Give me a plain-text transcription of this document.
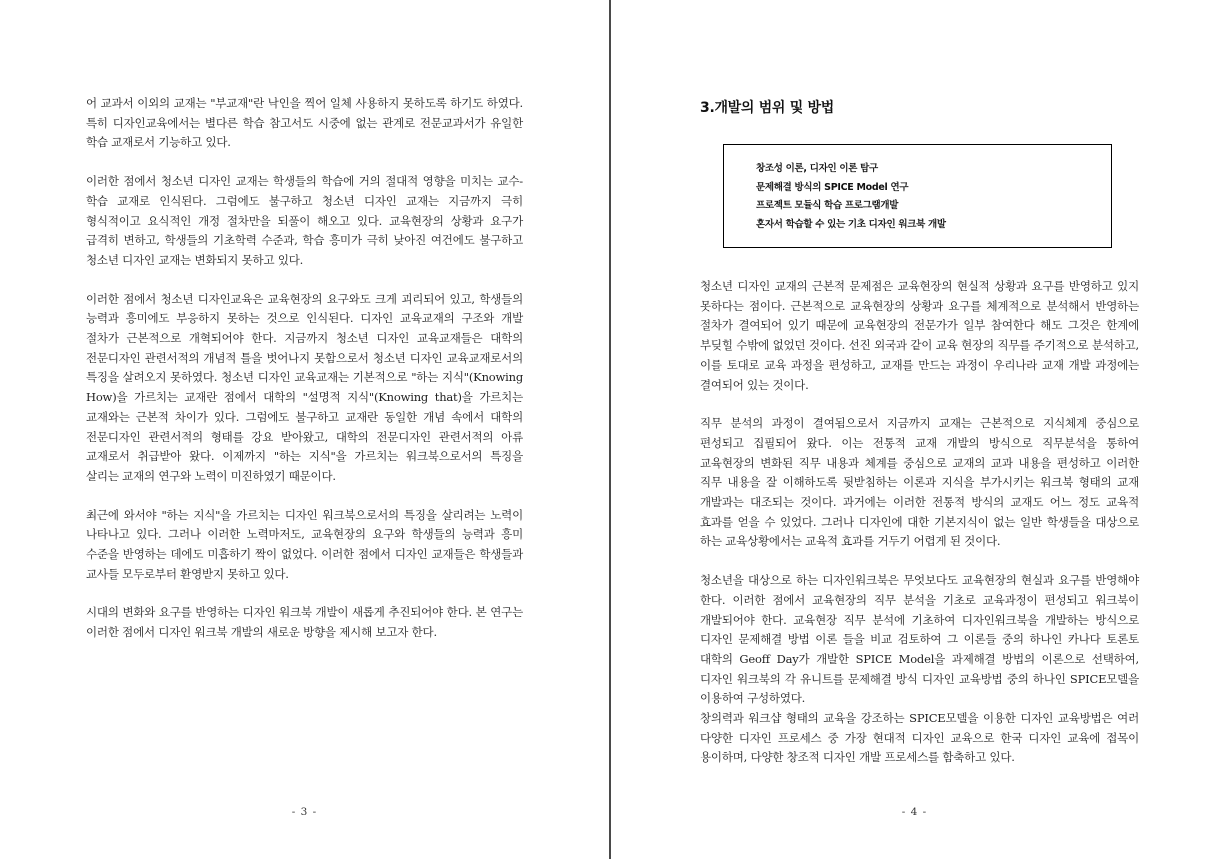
어 교과서 이외의 교재는 "부교재"란 낙인을 찍어 일체 사용하지 못하도록 하기도 하였다. 특히 디자인교육에서는 별다른 학습 참고서도 시중에 없는 관계로 전문교과서가 유일한 학습 교재로서 기능하고 있다.

이러한 점에서 청소년 디자인 교재는 학생들의 학습에 거의 절대적 영향을 미치는 교수-학습 교재로 인식된다. 그럼에도 불구하고 청소년 디자인 교재는 지금까지 극히 형식적이고 요식적인 개정 절차만을 되풀이 해오고 있다. 교육현장의 상황과 요구가 급격히 변하고, 학생들의 기초학력 수준과, 학습 흥미가 극히 낮아진 여건에도 불구하고 청소년 디자인 교재는 변화되지 못하고 있다.

이러한 점에서 청소년 디자인교육은 교육현장의 요구와도 크게 괴리되어 있고, 학생들의 능력과 흥미에도 부응하지 못하는 것으로 인식된다. 디자인 교육교재의 구조와 개발 절차가 근본적으로 개혁되어야 한다. 지금까지 청소년 디자인 교육교재들은 대학의 전문디자인 관련서적의 개념적 틀을 벗어나지 못함으로서 청소년 디자인 교육교재로서의 특징을 살려오지 못하였다. 청소년 디자인 교육교재는 기본적으로 "하는 지식"(Knowing How)을 가르치는 교재란 점에서 대학의 "설명적 지식"(Knowing that)을 가르치는 교재와는 근본적 차이가 있다. 그럼에도 불구하고 교재란 동일한 개념 속에서 대학의 전문디자인 관련서적의 형태를 강요 받아왔고, 대학의 전문디자인 관련서적의 아류 교재로서 취급받아 왔다. 이제까지 "하는 지식"을 가르치는 워크북으로서의 특징을 살리는 교재의 연구와 노력이 미진하였기 때문이다.

최근에 와서야 "하는 지식"을 가르치는 디자인 워크북으로서의 특징을 살리려는 노력이 나타나고 있다. 그러나 이러한 노력마저도, 교육현장의 요구와 학생들의 능력과 흥미 수준을 반영하는 데에도 미흡하기 짝이 없었다. 이러한 점에서 디자인 교재들은 학생들과 교사들 모두로부터 환영받지 못하고 있다.

시대의 변화와 요구를 반영하는 디자인 워크북 개발이 새롭게 추진되어야 한다. 본 연구는 이러한 점에서 디자인 워크북 개발의 새로운 방향을 제시해 보고자 한다.

- 3 -
3.개발의 범위 및 방법
창조성 이론, 디자인 이론 탐구
문제해결 방식의 SPICE Model 연구
프로젝트 모듈식 학습 프로그램개발
혼자서 학습할 수 있는 기초 디자인 워크북 개발

청소년 디자인 교재의 근본적 문제점은 교육현장의 현실적 상황과 요구를 반영하고 있지 못하다는 점이다. 근본적으로 교육현장의 상황과 요구를 체계적으로 분석해서 반영하는 절차가 결여되어 있기 때문에 교육현장의 전문가가 일부 참여한다 해도 그것은 한계에 부딪힐 수밖에 없었던 것이다. 선진 외국과 같이 교육 현장의 직무를 주기적으로 분석하고, 이를 토대로 교육 과정을 편성하고, 교재를 만드는 과정이 우리나라 교재 개발 과정에는 결여되어 있는 것이다.

직무 분석의 과정이 결여됨으로서 지금까지 교재는 근본적으로 지식체계 중심으로 편성되고 집필되어 왔다. 이는 전통적 교재 개발의 방식으로 직무분석을 통하여 교육현장의 변화된 직무 내용과 체계를 중심으로 교재의 교과 내용을 편성하고 이러한 직무 내용을 잘 이해하도록 뒷받침하는 이론과 지식을 부가시키는 워크북 형태의 교재 개발과는 대조되는 것이다. 과거에는 이러한 전통적 방식의 교재도 어느 정도 교육적 효과를 얻을 수 있었다. 그러나 디자인에 대한 기본지식이 없는 일반 학생들을 대상으로 하는 교육상황에서는 교육적 효과를 거두기 어렵게 된 것이다.

청소년을 대상으로 하는 디자인워크북은 무엇보다도 교육현장의 현실과 요구를 반영해야 한다. 이러한 점에서 교육현장의 직무 분석을 기초로 교육과정이 편성되고 워크북이 개발되어야 한다. 교육현장 직무 분석에 기초하여 디자인워크북을 개발하는 방식으로 디자인 문제해결 방법 이론 들을 비교 검토하여 그 이론들 중의 하나인 카나다 토론토 대학의 Geoff Day가 개발한 SPICE Model을 과제해결 방법의 이론으로 선택하여, 디자인 워크북의 각 유니트를 문제해결 방식 디자인 교육방법 중의 하나인 SPICE모델을 이용하여 구성하였다.

창의력과 워크샵 형태의 교육을 강조하는 SPICE모델을 이용한 디자인 교육방법은 여러 다양한 디자인 프로세스 중 가장 현대적 디자인 교육으로 한국 디자인 교육에 접목이 용이하며, 다양한 창조적 디자인 개발 프로세스를 함축하고 있다.

- 4 -
